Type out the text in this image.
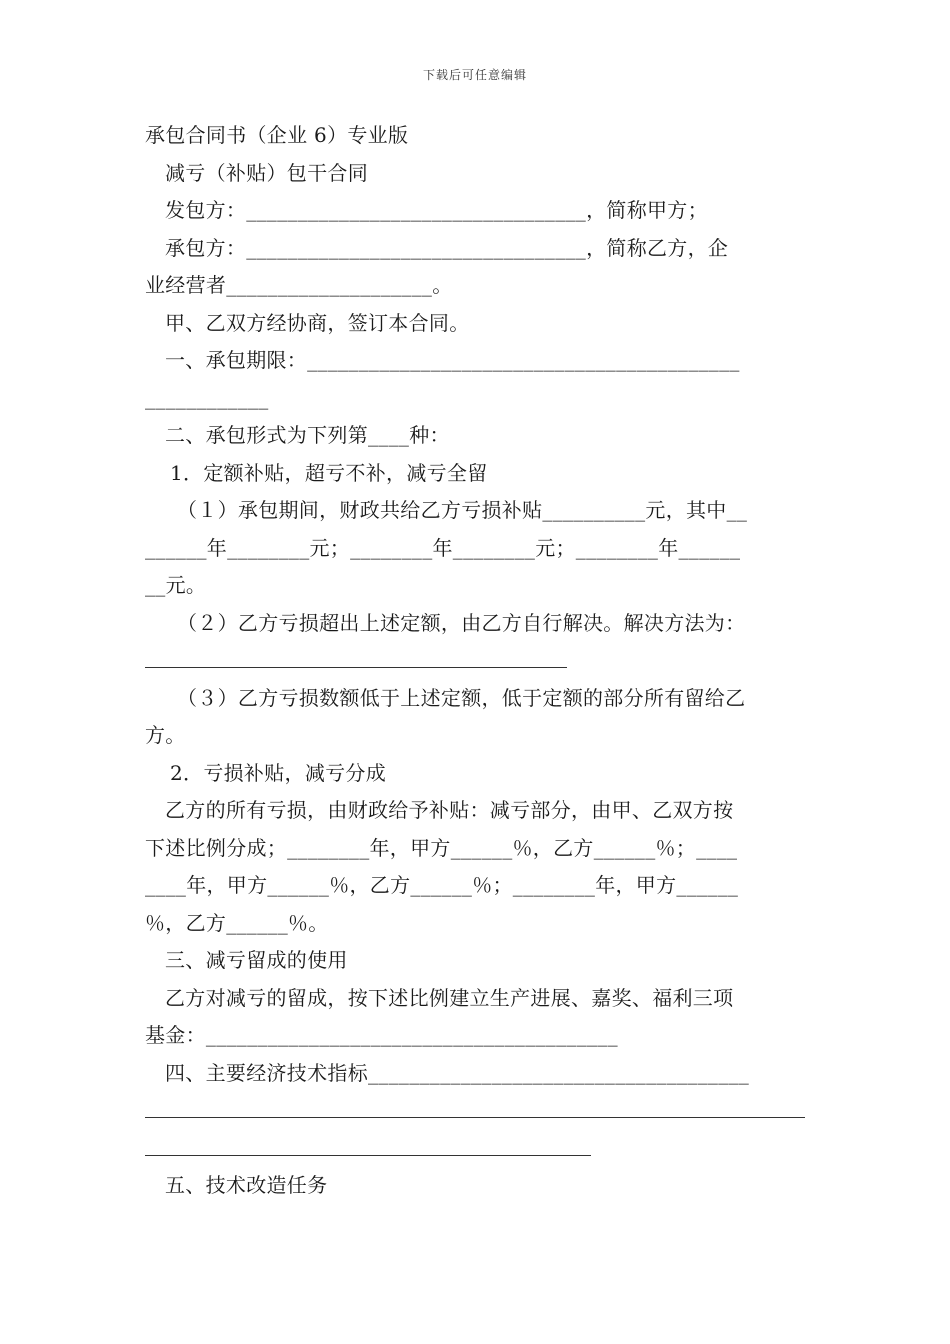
下载后可任意编辑
承包合同书（企业 6）专业版
减亏（补贴）包干合同
发包方：_________________________________，简称甲方；
承包方：_________________________________，简称乙方，企
业经营者____________________。
甲、乙双方经协商，签订本合同。
一、承包期限：__________________________________________
____________
二、承包形式为下列第____种：
1．定额补贴，超亏不补，减亏全留
（１）承包期间，财政共给乙方亏损补贴__________元，其中__
______年________元；________年________元；________年______
__元。
（２）乙方亏损超出上述定额，由乙方自行解决。解决方法为：
（３）乙方亏损数额低于上述定额，低于定额的部分所有留给乙
方。
2．亏损补贴，减亏分成
乙方的所有亏损，由财政给予补贴：减亏部分，由甲、乙双方按
下述比例分成；________年，甲方______％，乙方______％；____
____年，甲方______％，乙方______％；________年，甲方______
％，乙方______％。
三、减亏留成的使用
乙方对减亏的留成，按下述比例建立生产进展、嘉奖、福利三项
基金：________________________________________
四、主要经济技术指标_____________________________________
五、技术改造任务
